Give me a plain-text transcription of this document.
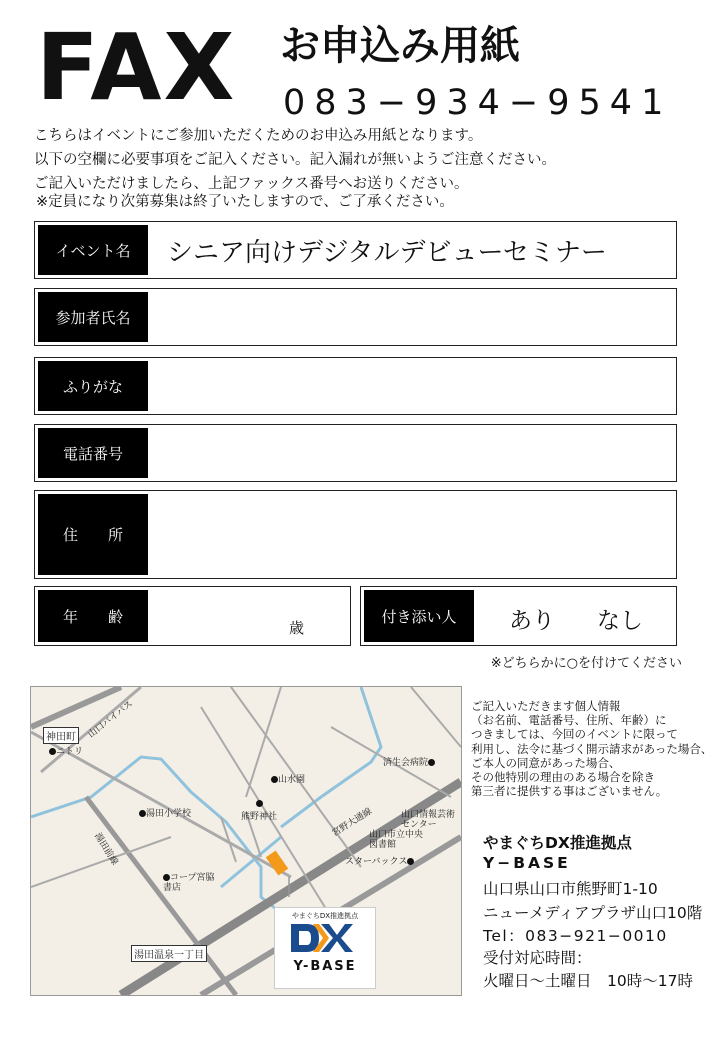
FAX お申込み用紙
083−934−9541
こちらはイベントにご参加いただくためのお申込み用紙となります。
以下の空欄に必要事項をご記入ください。記入漏れが無いようご注意ください。
ご記入いただけましたら、上記ファックス番号へお送りください。
※定員になり次第募集は終了いたしますので、ご了承ください。
イベント名	シニア向けデジタルデビューセミナー
参加者氏名
ふりがな
電話番号
住　　所
年　　齢
歳
付き添い人	あり なし
※どちらかに○を付けてください
神田町	山口バイパス
ニトリ
山水園
済生会病院
湯田小学校	熊野神社	宮野大通線	山口情報芸術センター
山口市立中央図書館
スターバックス
湯田前線
コープ宮脇書店
湯田温泉一丁目
やまぐちDX推進拠点
Y-BASE
ご記入いただきます個人情報
（お名前、電話番号、住所、年齢）に
つきましては、今回のイベントに限って
利用し、法令に基づく開示請求があった場合、
ご本人の同意があった場合、
その他特別の理由のある場合を除き
第三者に提供する事はございません。
やまぐちDX推進拠点
Y−BASE
山口県山口市熊野町1-10
ニューメディアプラザ山口10階
Tel：083−921−0010
受付対応時間：
火曜日〜土曜日　10時〜17時
